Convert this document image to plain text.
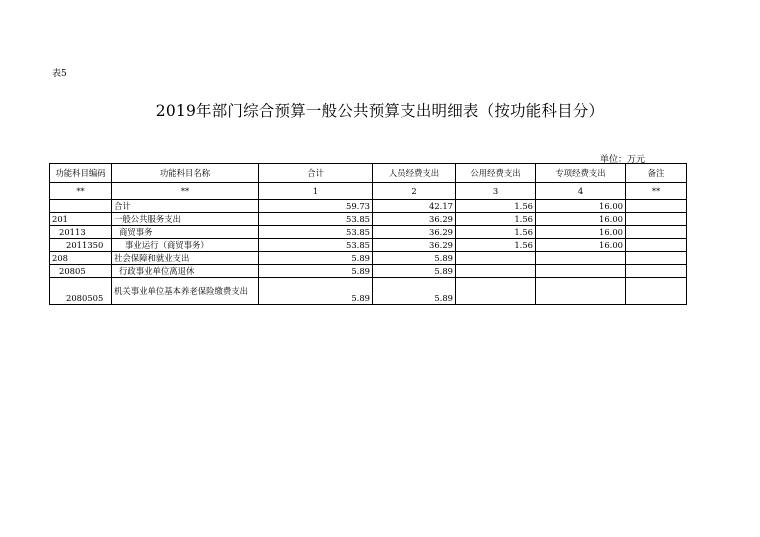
表5
2019年部门综合预算一般公共预算支出明细表（按功能科目分）
单位：万元
功能科目编码	功能科目名称	合计	人员经费支出	公用经费支出	专项经费支出	备注
**	**	1	2	3	4	**
	合计	59.73	42.17	1.56	16.00	
201	一般公共服务支出	53.85	36.29	1.56	16.00	
20113	商贸事务	53.85	36.29	1.56	16.00	
2011350	事业运行（商贸事务）	53.85	36.29	1.56	16.00	
208	社会保障和就业支出	5.89	5.89			
20805	行政事业单位离退休	5.89	5.89			
2080505	机关事业单位基本养老保险缴费支出	5.89	5.89			
